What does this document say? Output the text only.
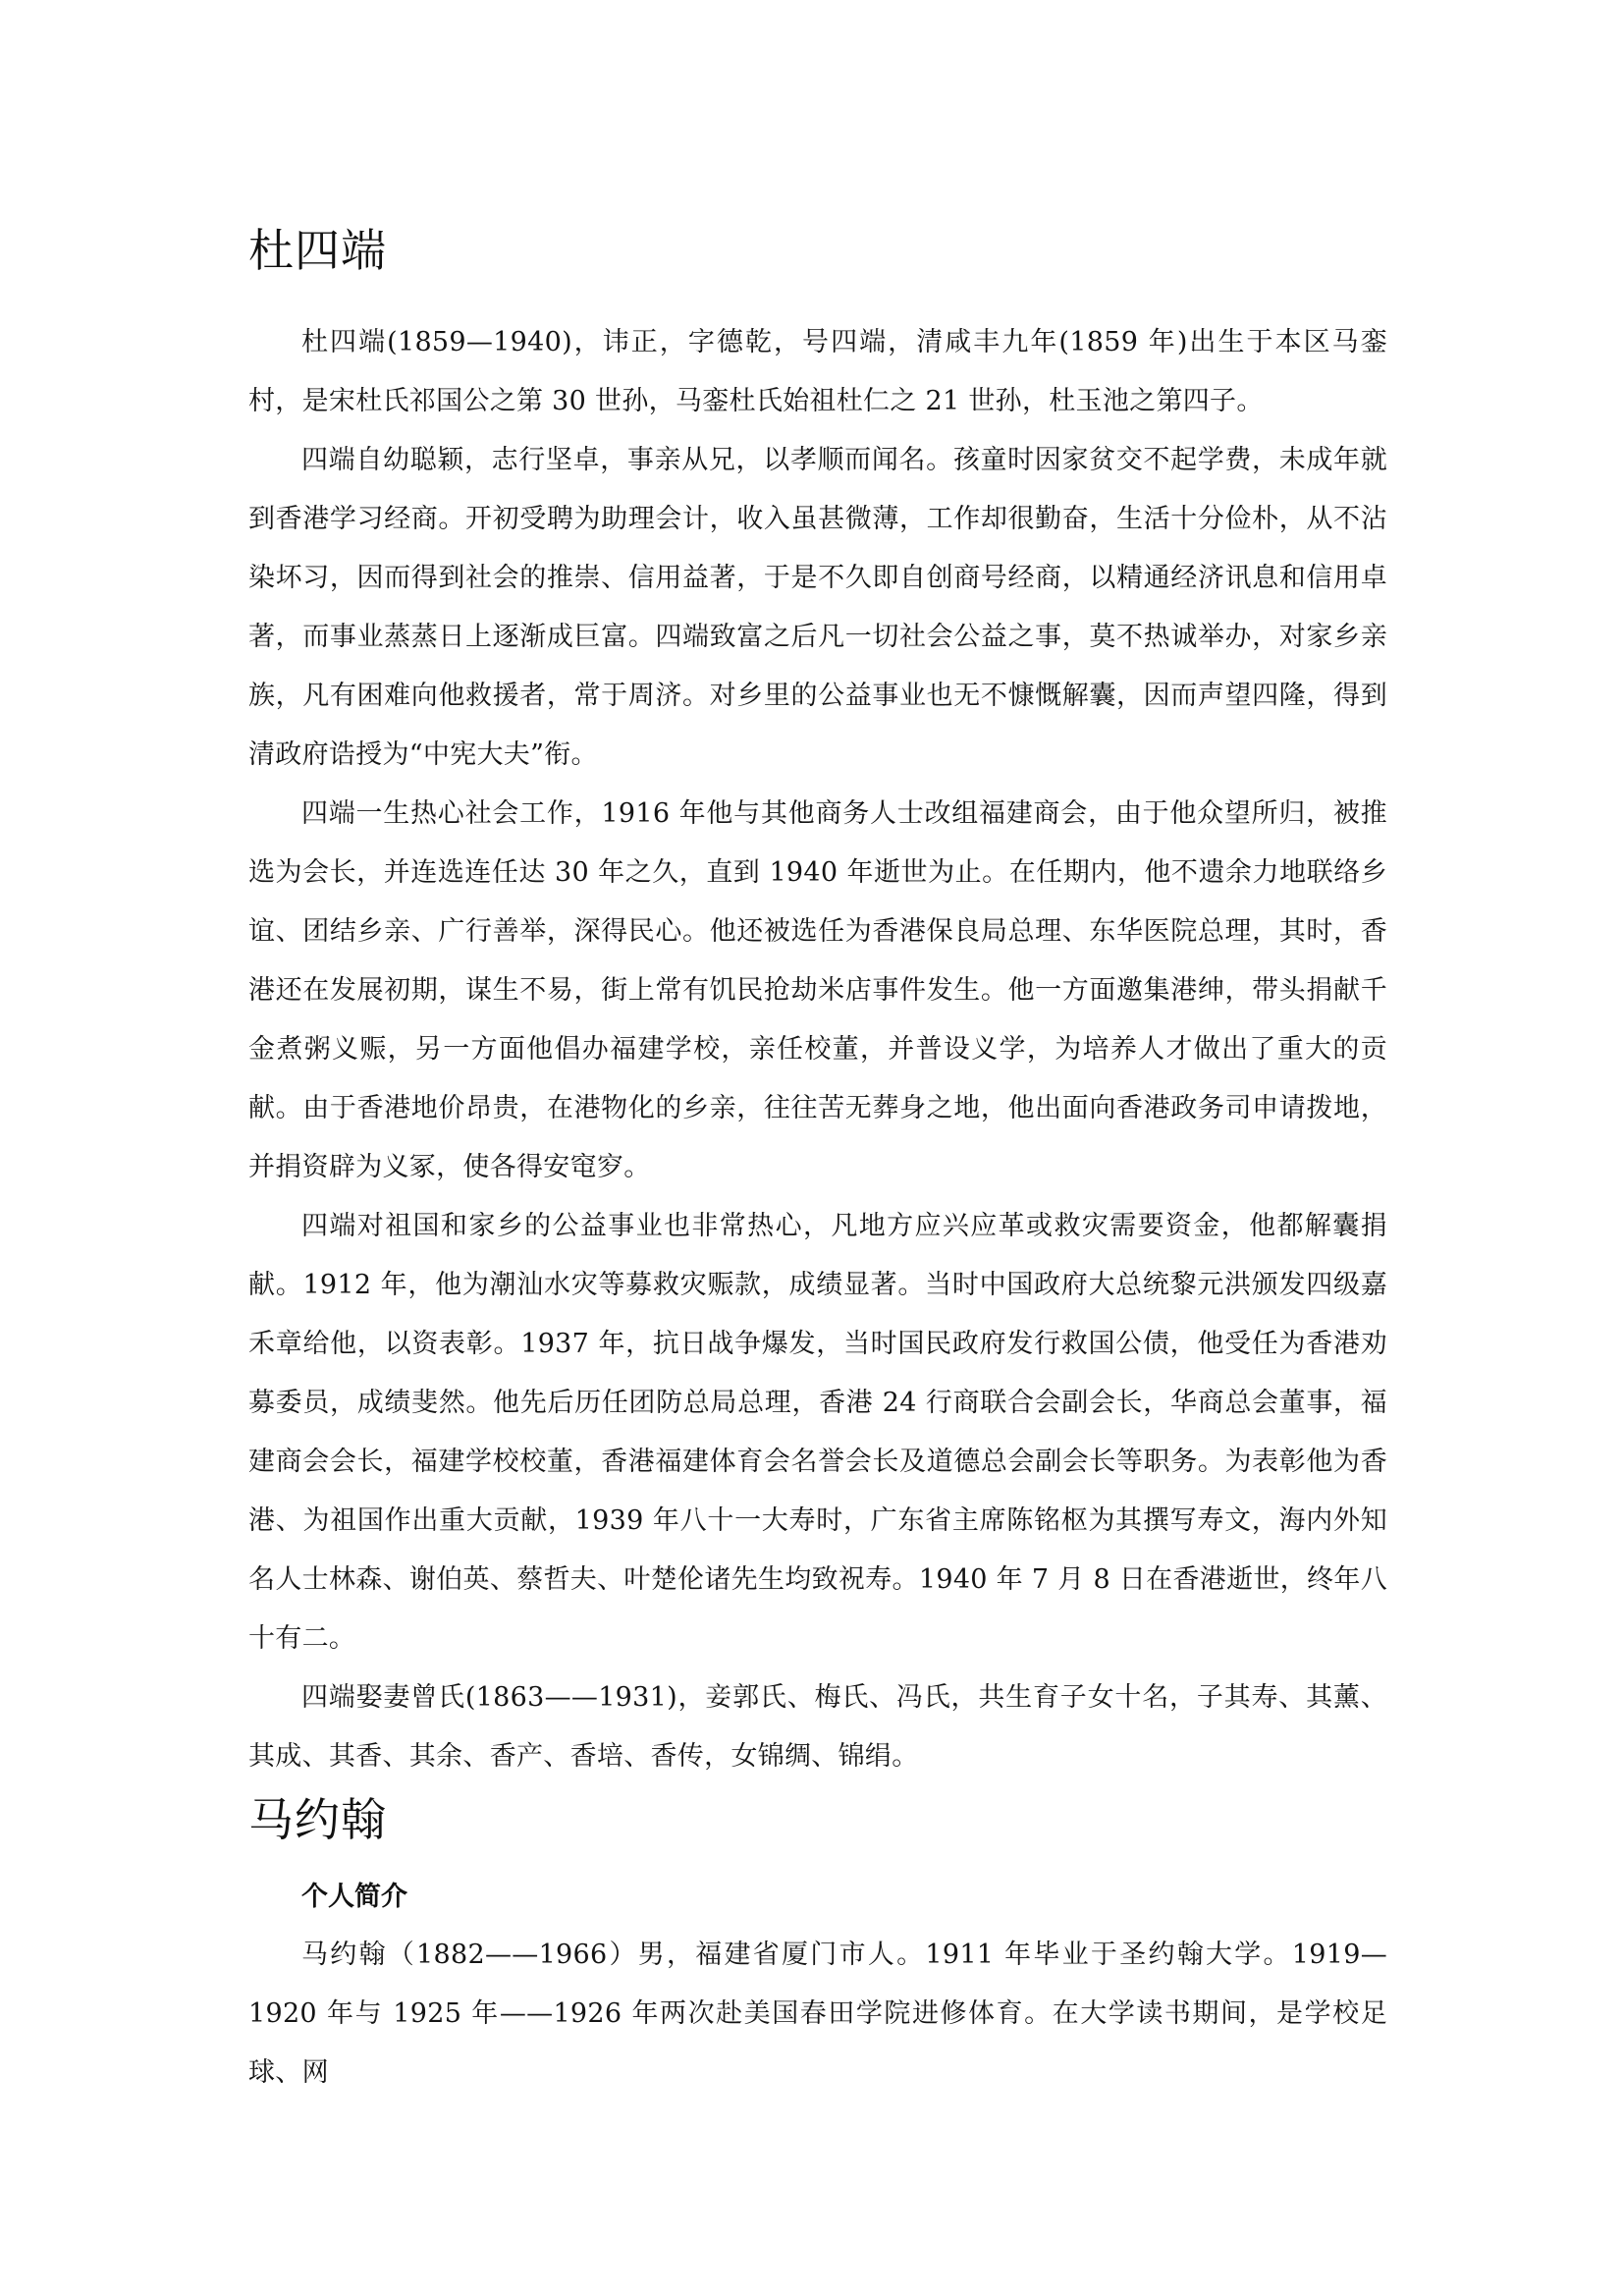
杜四端

杜四端(1859—1940)，讳正，字德乾，号四端，清咸丰九年(1859 年)出生于本区马銮村，是宋杜氏祁国公之第 30 世孙，马銮杜氏始祖杜仁之 21 世孙，杜玉池之第四子。

四端自幼聪颖，志行坚卓，事亲从兄，以孝顺而闻名。孩童时因家贫交不起学费，未成年就到香港学习经商。开初受聘为助理会计，收入虽甚微薄，工作却很勤奋，生活十分俭朴，从不沾染坏习，因而得到社会的推崇、信用益著，于是不久即自创商号经商，以精通经济讯息和信用卓著，而事业蒸蒸日上逐渐成巨富。四端致富之后凡一切社会公益之事，莫不热诚举办，对家乡亲族，凡有困难向他救援者，常于周济。对乡里的公益事业也无不慷慨解囊，因而声望四隆，得到清政府诰授为“中宪大夫”衔。

四端一生热心社会工作，1916 年他与其他商务人士改组福建商会，由于他众望所归，被推选为会长，并连选连任达 30 年之久，直到 1940 年逝世为止。在任期内，他不遗余力地联络乡谊、团结乡亲、广行善举，深得民心。他还被选任为香港保良局总理、东华医院总理，其时，香港还在发展初期，谋生不易，街上常有饥民抢劫米店事件发生。他一方面邀集港绅，带头捐献千金煮粥义赈，另一方面他倡办福建学校，亲任校董，并普设义学，为培养人才做出了重大的贡献。由于香港地价昂贵，在港物化的乡亲，往往苦无葬身之地，他出面向香港政务司申请拨地，并捐资辟为义冢，使各得安窀穸。

四端对祖国和家乡的公益事业也非常热心，凡地方应兴应革或救灾需要资金，他都解囊捐献。1912 年，他为潮汕水灾等募救灾赈款，成绩显著。当时中国政府大总统黎元洪颁发四级嘉禾章给他，以资表彰。1937 年，抗日战争爆发，当时国民政府发行救国公债，他受任为香港劝募委员，成绩斐然。他先后历任团防总局总理，香港 24 行商联合会副会长，华商总会董事，福建商会会长，福建学校校董，香港福建体育会名誉会长及道德总会副会长等职务。为表彰他为香港、为祖国作出重大贡献，1939 年八十一大寿时，广东省主席陈铭枢为其撰写寿文，海内外知名人士林森、谢伯英、蔡哲夫、叶楚伦诸先生均致祝寿。1940 年 7 月 8 日在香港逝世，终年八十有二。

四端娶妻曾氏(1863——1931)，妾郭氏、梅氏、冯氏，共生育子女十名，子其寿、其薰、其成、其香、其余、香产、香培、香传，女锦绸、锦绢。

马约翰
个人简介

马约翰（1882——1966）男，福建省厦门市人。1911 年毕业于圣约翰大学。1919—1920 年与 1925 年——1926 年两次赴美国春田学院进修体育。在大学读书期间，是学校足球、网
